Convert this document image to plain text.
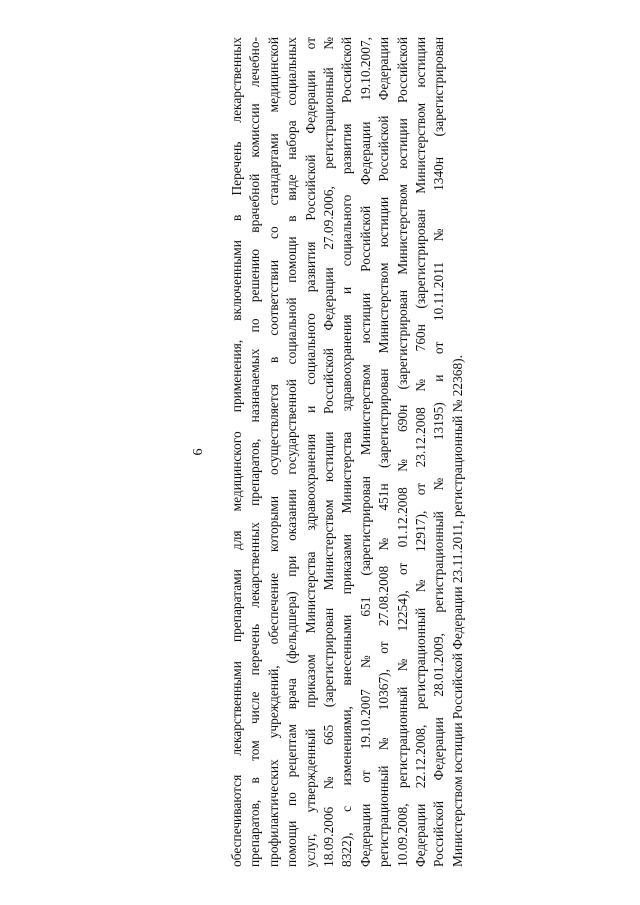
6 обеспечиваются лекарственными препаратами для медицинского применения, включенными в Перечень лекарственных препаратов, в том числе перечень лекарственных препаратов, назначаемых по решению врачебной комиссии лечебно- профилактических учреждений, обеспечение которыми осуществляется в соответствии со стандартами медицинской помощи по рецептам врача (фельдшера) при оказании государственной социальной помощи в виде набора социальных услуг, утвержденный приказом Министерства здравоохранения и социального развития Российской Федерации от 18.09.2006 № 665 (зарегистрирован Министерством юстиции Российской Федерации 27.09.2006, регистрационный № 8322), с изменениями, внесенными приказами Министерства здравоохранения и социального развития Российской Федерации от 19.10.2007 № 651 (зарегистрирован Министерством юстиции Российской Федерации 19.10.2007, регистрационный № 10367), от 27.08.2008 № 451н (зарегистрирован Министерством юстиции Российской Федерации 10.09.2008, регистрационный № 12254), от 01.12.2008 № 690н (зарегистрирован Министерством юстиции Российской Федерации 22.12.2008, регистрационный № 12917), от 23.12.2008 № 760н (зарегистрирован Министерством юстиции Российской Федерации 28.01.2009, регистрационный № 13195) и от 10.11.2011 № 1340н (зарегистрирован Министерством юстиции Российской Федерации 23.11.2011, регистрационный № 22368).
